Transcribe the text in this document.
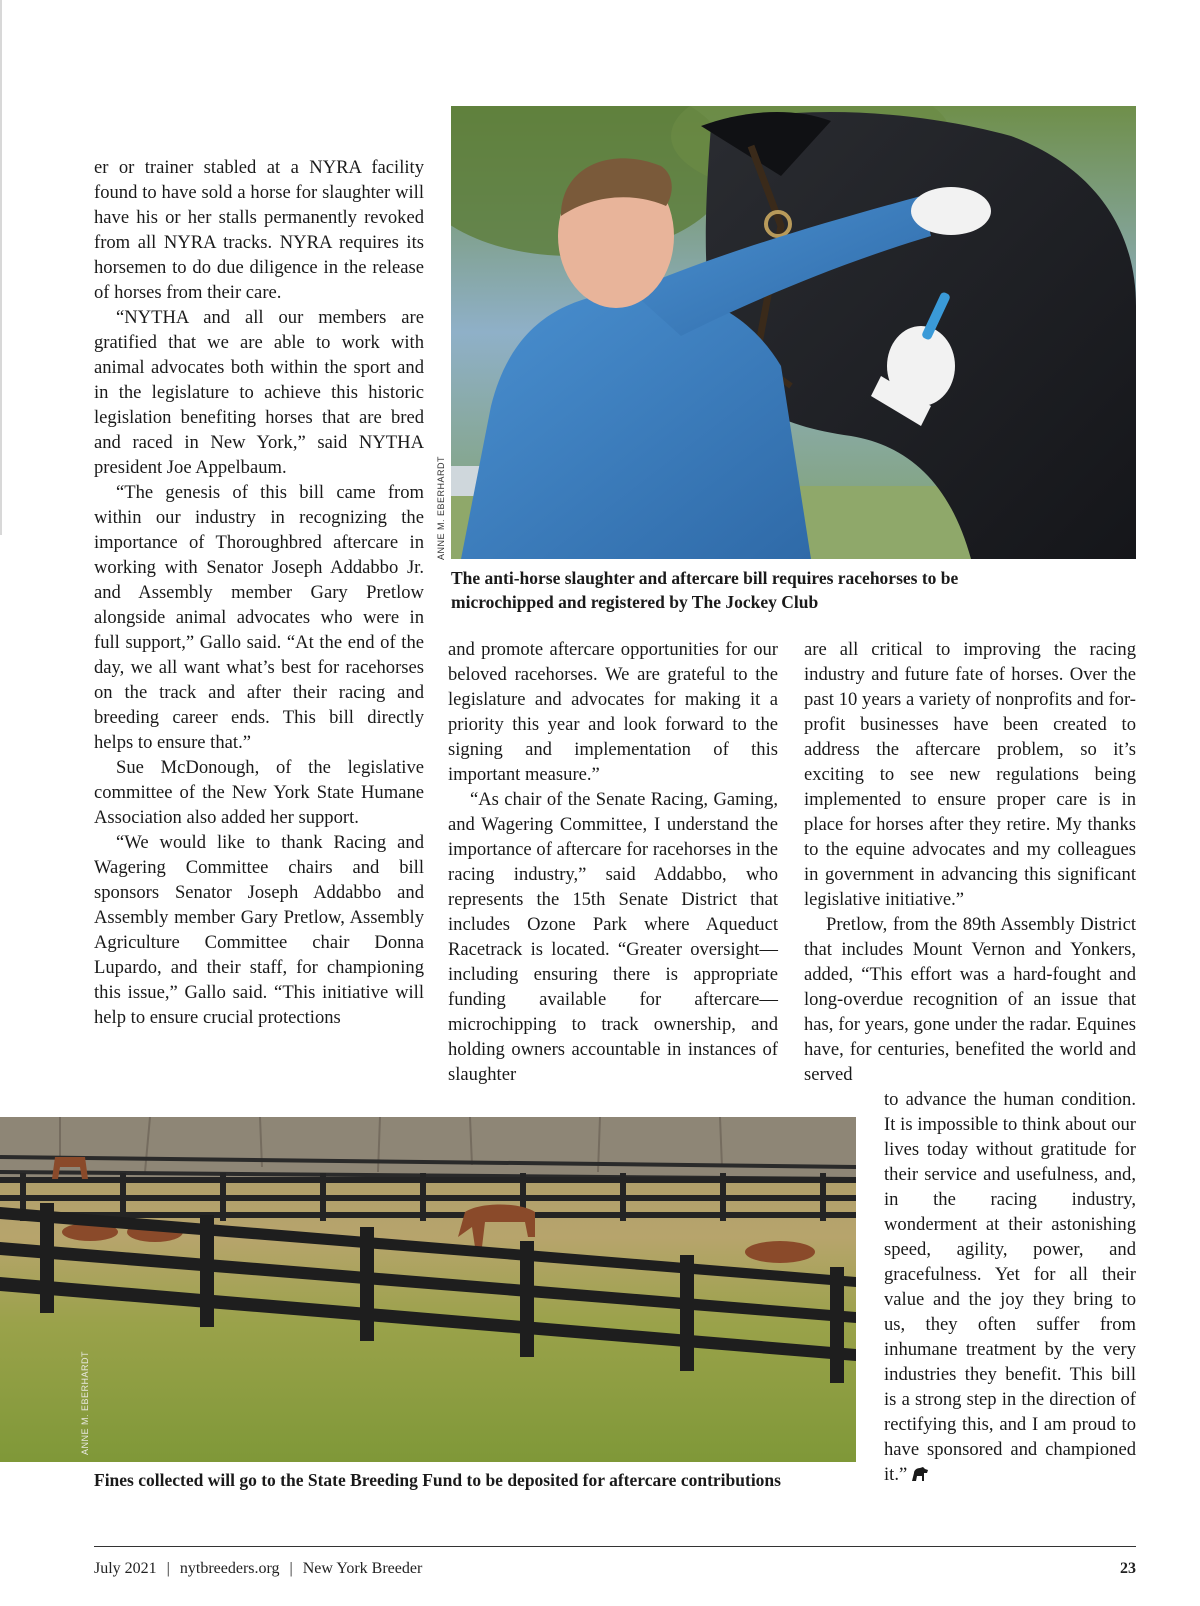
er or trainer stabled at a NYRA facility found to have sold a horse for slaughter will have his or her stalls permanently revoked from all NYRA tracks. NYRA requires its horsemen to do due diligence in the release of horses from their care.

“NYTHA and all our members are gratified that we are able to work with animal advocates both within the sport and in the legislature to achieve this historic legislation benefiting horses that are bred and raced in New York,” said NYTHA president Joe Appelbaum.

“The genesis of this bill came from within our industry in recognizing the importance of Thoroughbred aftercare in working with Senator Joseph Addabbo Jr. and Assembly member Gary Pretlow alongside animal advocates who were in full support,” Gallo said. “At the end of the day, we all want what’s best for racehorses on the track and after their racing and breeding career ends. This bill directly helps to ensure that.”

Sue McDonough, of the legislative committee of the New York State Humane Association also added her support.

“We would like to thank Racing and Wagering Committee chairs and bill sponsors Senator Joseph Addabbo and Assembly member Gary Pretlow, Assembly Agriculture Committee chair Donna Lupardo, and their staff, for championing this issue,” Gallo said. “This initiative will help to ensure crucial protections

ANNE M. EBERHARDT
The anti-horse slaughter and aftercare bill requires racehorses to be microchipped and registered by The Jockey Club

and promote aftercare opportunities for our beloved racehorses. We are grateful to the legislature and advocates for making it a priority this year and look forward to the signing and implementation of this important measure.”

“As chair of the Senate Racing, Gaming, and Wagering Committee, I understand the importance of aftercare for racehorses in the racing industry,” said Addabbo, who represents the 15th Senate District that includes Ozone Park where Aqueduct Racetrack is located. “Greater oversight—including ensuring there is appropriate funding available for aftercare—microchipping to track ownership, and holding owners accountable in instances of slaughter

are all critical to improving the racing industry and future fate of horses. Over the past 10 years a variety of nonprofits and for-profit businesses have been created to address the aftercare problem, so it’s exciting to see new regulations being implemented to ensure proper care is in place for horses after they retire. My thanks to the equine advocates and my colleagues in government in advancing this significant legislative initiative.”

Pretlow, from the 89th Assembly District that includes Mount Vernon and Yonkers, added, “This effort was a hard-fought and long-overdue recognition of an issue that has, for years, gone under the radar. Equines have, for centuries, benefited the world and served

to advance the human condition. It is impossible to think about our lives today without gratitude for their service and usefulness, and, in the racing industry, wonderment at their astonishing speed, agility, power, and gracefulness. Yet for all their value and the joy they bring to us, they often suffer from inhumane treatment by the very industries they benefit. This bill is a strong step in the direction of rectifying this, and I am proud to have sponsored and championed it.”

ANNE M. EBERHARDT
Fines collected will go to the State Breeding Fund to be deposited for aftercare contributions
July 2021 | nytbreeders.org | New York Breeder	23
